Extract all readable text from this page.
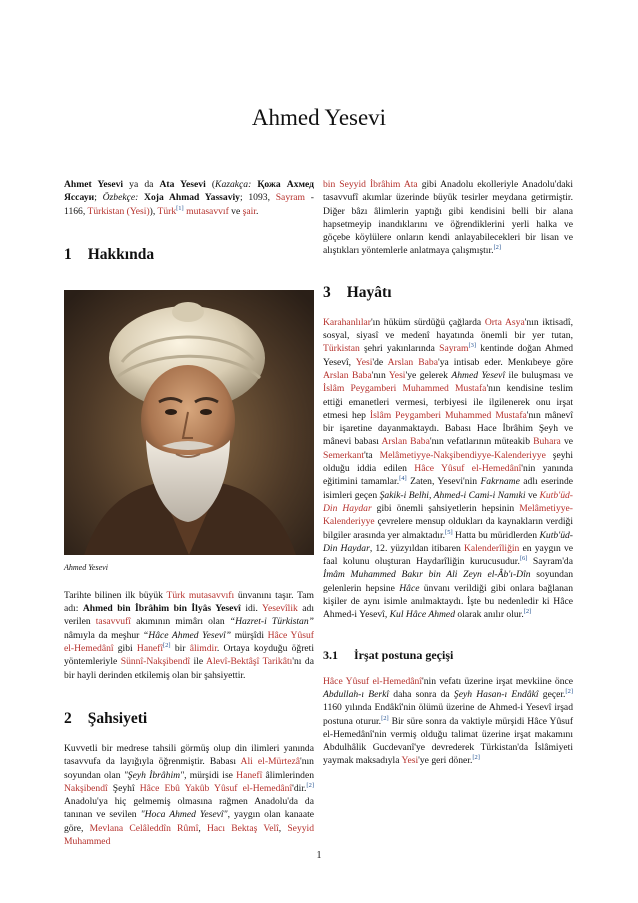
Ahmed Yesevi

Ahmet Yesevi ya da Ata Yesevi (Kazakça: Қожа Ахмед Яссауи; Özbekçe: Xoja Ahmad Yassaviy; 1093, Sayram - 1166, Türkistan (Yesi)), Türk[1] mutasavvıf ve şair.

1 Hakkında

Ahmed Yesevi

Tarihte bilinen ilk büyük Türk mutasavvıfı ünvanını taşır. Tam adı: Ahmed bin İbrâhim bin İlyâs Yesevî idi. Yesevîlik adı verilen tasavvufî akımının mimârı olan “Hazret-i Türkistan” nâmıyla da meşhur “Hâce Ahmed Yesevî” mürşîdi Hâce Yûsuf el-Hemedânî gibi Hanefî[2] bir âlimdir. Ortaya koyduğu öğreti yöntemleriyle Sünnî-Nakşibendî ile Alevî-Bektâşî Tarikâtı'nı da bir hayli derinden etkilemiş olan bir şahsiyettir.

2 Şahsiyeti

Kuvvetli bir medrese tahsili görmüş olup din ilimleri yanında tasavvufa da layığıyla öğrenmiştir. Babası Ali el-Mürtezâ'nın soyundan olan "Şeyh İbrâhim", mürşidi ise Hanefî âlimlerinden Nakşibendî Şeyhî Hâce Ebû Yakûb Yûsuf el-Hemedânî'dir.[2] Anadolu'ya hiç gelmemiş olmasına rağmen Anadolu'da da tanınan ve sevilen "Hoca Ahmed Yesevî", yaygın olan kanaate göre, Mevlana Celâleddîn Rûmî, Hacı Bektaş Velî, Seyyid Muhammed

bin Seyyid İbrâhim Ata gibi Anadolu ekolleriyle Anadolu'daki tasavvufî akımlar üzerinde büyük tesirler meydana getirmiştir. Diğer bâzı âlimlerin yaptığı gibi kendisini belli bir alana hapsetmeyip inandıklarını ve öğrendiklerini yerli halka ve göçebe köylülere onların kendi anlayabilecekleri bir lisan ve alıştıkları yöntemlerle anlatmaya çalışmıştır.[2]

3 Hayâtı

Karahanlılar'ın hüküm sürdüğü çağlarda Orta Asya'nın iktisadî, sosyal, siyasî ve medenî hayatında önemli bir yer tutan, Türkistan şehri yakınlarında Sayram[3] kentinde doğan Ahmed Yesevî, Yesi'de Arslan Baba'ya intisab eder. Menkıbeye göre Arslan Baba'nın Yesi'ye gelerek Ahmed Yesevî ile buluşması ve İslâm Peygamberi Muhammed Mustafa'nın kendisine teslim ettiği emanetleri vermesi, terbiyesi ile ilgilenerek onu irşat etmesi hep İslâm Peygamberi Muhammed Mustafa'nın mânevî bir işaretine dayanmaktaydı. Babası Hace İbrâhim Şeyh ve mânevi babası Arslan Baba'nın vefatlarının müteakib Buhara ve Semerkant'ta Melâmetiyye-Nakşibendiyye-Kalenderiyye şeyhi olduğu iddia edilen Hâce Yûsuf el-Hemedânî'nin yanında eğitimini tamamlar.[4] Zaten, Yesevi'nin Fakrname adlı eserinde isimleri geçen Şakik-i Belhi, Ahmed-i Cami-i Namıki ve Kutb'üd-Din Haydar gibi önemli şahsiyetlerin hepsinin Melâmetiyye-Kalenderiyye çevrelere mensup oldukları da kaynakların verdiği bilgiler arasında yer almaktadır.[5] Hatta bu müridlerden Kutb'üd-Din Haydar, 12. yüzyıldan itibaren Kalenderîliğin en yaygın ve faal kolunu oluşturan Haydarîliğin kurucusudur.[6] Sayram'da İmâm Muhammed Bakır bin Ali Zeyn el-Âb'ı-Dîn soyundan gelenlerin hepsine Hâce ünvanı verildiği gibi onlara bağlanan kişiler de aynı isimle anılmaktaydı. İşte bu nedenledir ki Hâce Ahmed-i Yesevî, Kul Hâce Ahmed olarak anılır olur.[2]

3.1 İrşat postuna geçişi

Hâce Yûsuf el-Hemedânî'nin vefatı üzerine irşat mevkiine önce Abdullah-ı Berkî daha sonra da Şeyh Hasan-ı Endâkî geçer.[2] 1160 yılında Endâkî'nin ölümü üzerine de Ahmed-i Yesevî irşad postuna oturur.[2] Bir süre sonra da vaktiyle mürşidi Hâce Yûsuf el-Hemedânî'nin vermiş olduğu talimat üzerine irşat makamını Abdulhâlik Gucdevanî'ye devrederek Türkistan'da İslâmiyeti yaymak maksadıyla Yesi'ye geri döner.[2]

1
